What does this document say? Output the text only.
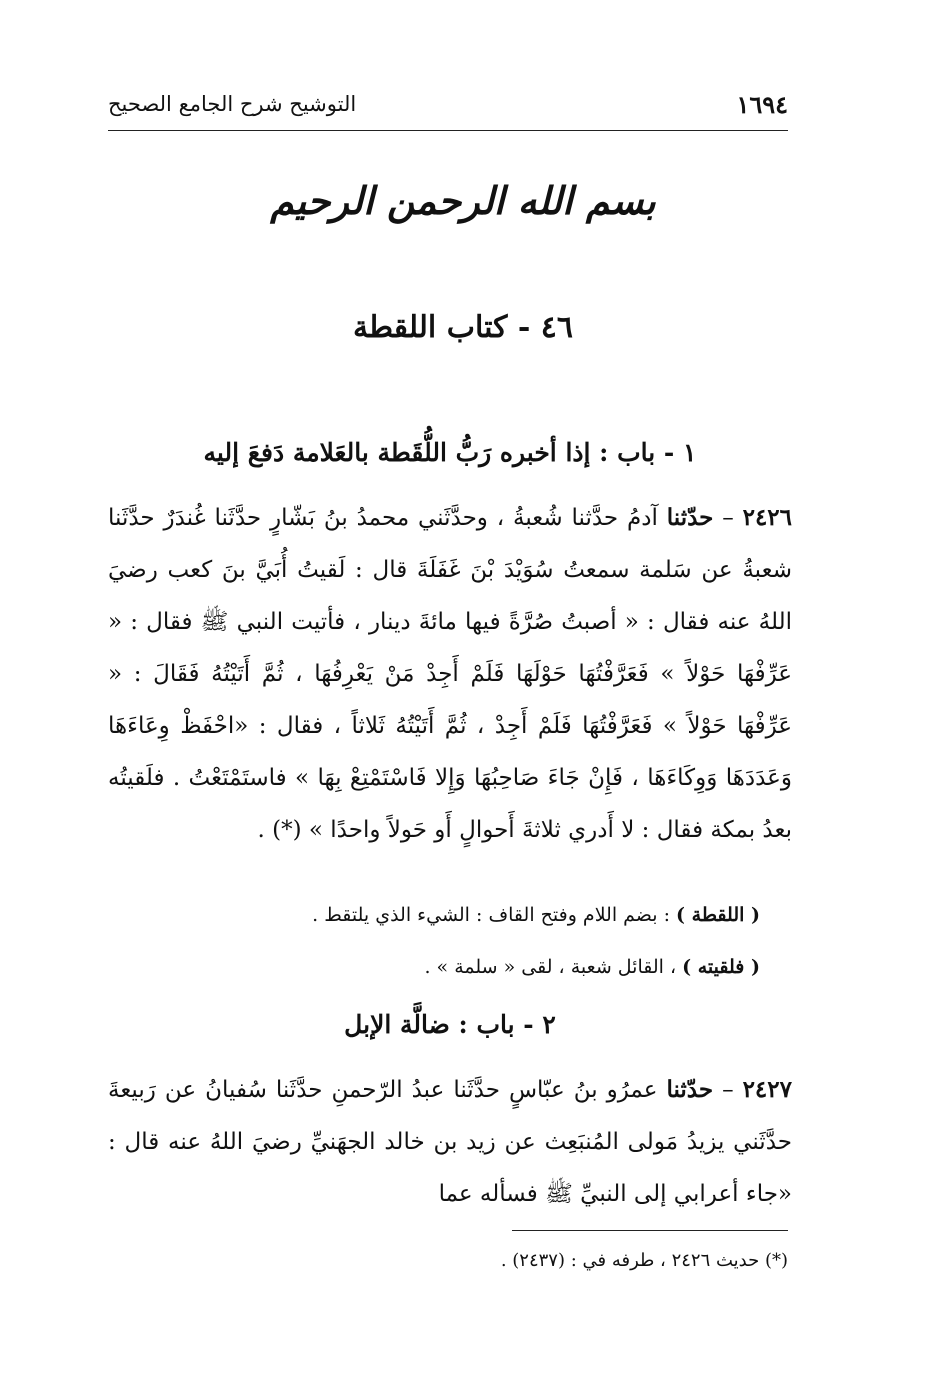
١٦٩٤
التوشيح شرح الجامع الصحيح
بسم الله الرحمن الرحيم
٤٦ - كتاب اللقطة
١ - باب : إذا أخبره رَبُّ اللُّقَطة بالعَلامة دَفعَ إليه
٢٤٢٦ – حدّثنا آدمُ حدَّثنا شُعبةُ ، وحدَّثَني محمدُ بنُ بَشّارٍ حدَّثَنا غُندَرٌ حدَّثَنا شعبةُ عن سَلمة سمعتُ سُوَيْدَ بْنَ غَفَلَةَ قال : لَقيتُ أُبَيَّ بنَ كعب رضيَ اللهُ عنه فقال : « أصبتُ صُرَّةً فيها مائةَ دينار ، فأتيت النبي ﷺ فقال : « عَرِّفْهَا حَوْلاً » فَعَرَّفْتُهَا حَوْلَهَا فَلَمْ أَجِدْ مَنْ يَعْرِفُهَا ، ثُمَّ أَتَيْتُهُ فَقَالَ : « عَرِّفْهَا حَوْلاً » فَعَرَّفْتُهَا فَلَمْ أَجِدْ ، ثُمَّ أَتَيْتُهُ ثَلاثاً ، فقال : «احْفَظْ وِعَاءَهَا وَعَدَدَهَا وَوِكَاءَهَا ، فَإِنْ جَاءَ صَاحِبُهَا وَإِلا فَاسْتَمْتِعْ بِهَا » فاستَمْتَعْتُ . فلَقيتُه بعدُ بمكة فقال : لا أَدري ثلاثةَ أَحوالٍ أَو حَولاً واحدًا » (*) .
( اللقطة ) : بضم اللام وفتح القاف : الشيء الذي يلتقط .
( فلقيته ) ، القائل شعبة ، لقى « سلمة » .
٢ - باب : ضالَّة الإبل
٢٤٢٧ – حدّثنا عمرُو بنُ عبّاسٍ حدَّثَنا عبدُ الرّحمنِ حدَّثَنا سُفيانُ عن رَبيعةَ حدَّثَني يزيدُ مَولى المُنبَعِث عن زيد بن خالد الجهَنيِّ رضيَ اللهُ عنه قال : «جاء أعرابي إلى النبيِّ ﷺ فسأله عما
(*) حديث ٢٤٢٦ ، طرفه في : (٢٤٣٧) .
